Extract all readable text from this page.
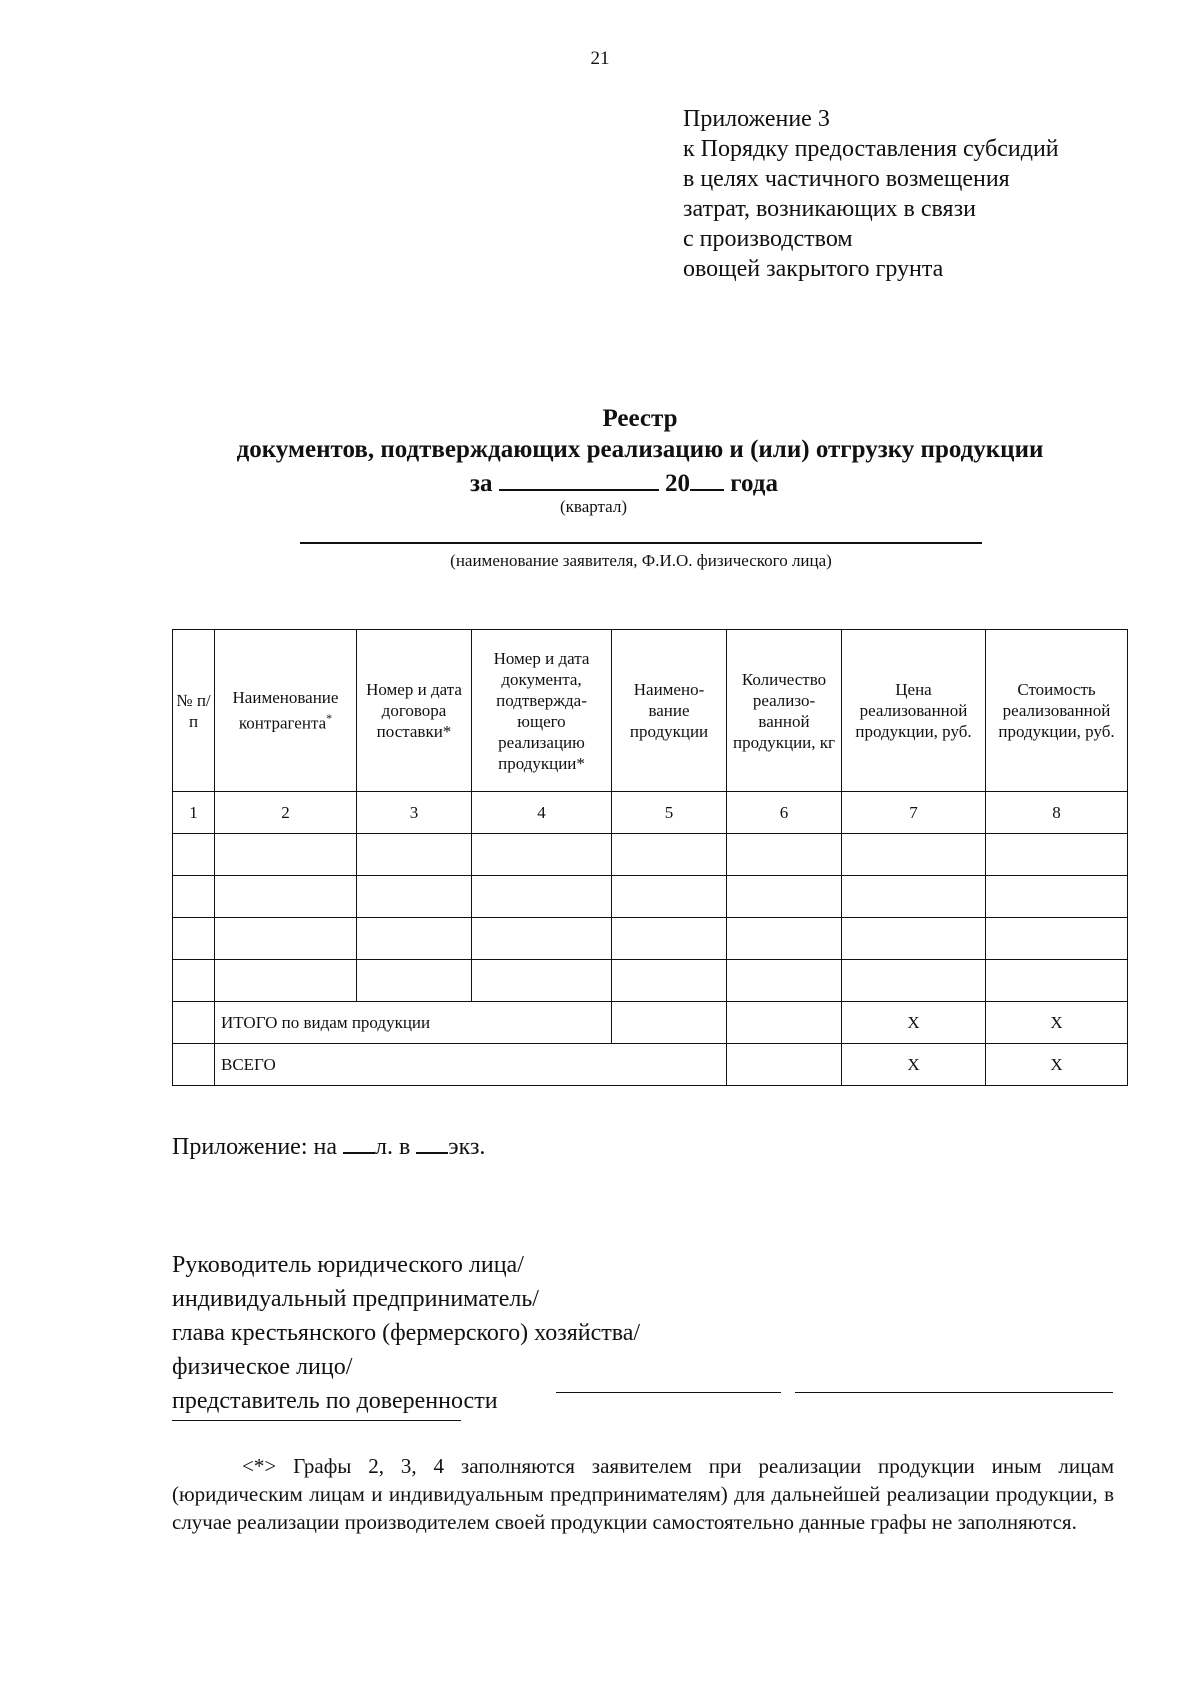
21
Приложение 3
к Порядку предоставления субсидий
в целях частичного возмещения
затрат, возникающих в связи
с производством
овощей закрытого грунта
Реестр
документов, подтверждающих реализацию и (или) отгрузку продукции
за	20 года
(квартал)
(наименование заявителя, Ф.И.О. физического лица)
№ п/п	Наименование контрагента*	Номер и дата договора поставки*	Номер и дата документа, подтвержда-ющего реализацию продукции*	Наимено-вание продукции	Количество реализо-ванной продукции, кг	Цена реализованной продукции, руб.	Стоимость реализованной продукции, руб.
1	2	3	4	5	6	7	8

	ИТОГО по видам продукции					X	X
	ВСЕГО					X	X
Приложение: на л. в экз.
Руководитель юридического лица/
индивидуальный предприниматель/
глава крестьянского (фермерского) хозяйства/
физическое лицо/
представитель по доверенности
<*> Графы 2, 3, 4 заполняются заявителем при реализации продукции иным лицам (юридическим лицам и индивидуальным предпринимателям) для дальнейшей реализации продукции, в случае реализации производителем своей продукции самостоятельно данные графы не заполняются.
